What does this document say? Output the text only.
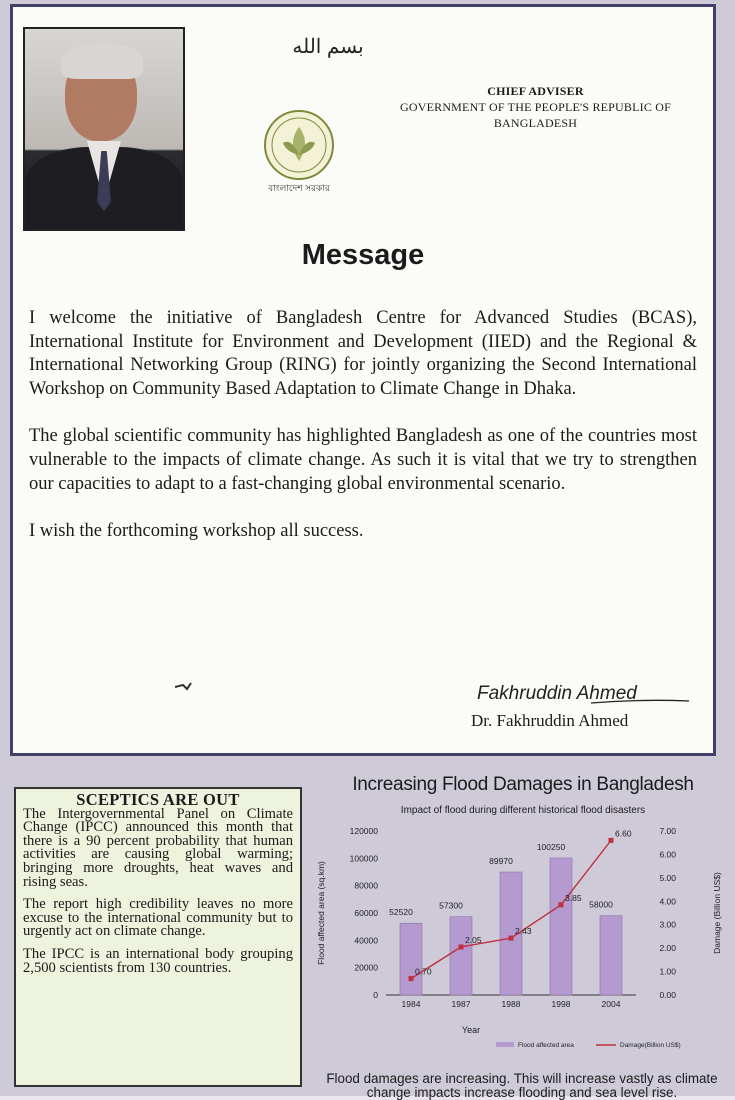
بسم الله
বাংলাদেশ সরকার
CHIEF ADVISER
GOVERNMENT OF THE PEOPLE'S REPUBLIC OF
BANGLADESH
Message

I welcome the initiative of Bangladesh Centre for Advanced Studies (BCAS), International Institute for Environment and Development (IIED) and the Regional & International Networking Group (RING) for jointly organizing the Second International Workshop on Community Based Adaptation to Climate Change in Dhaka.

The global scientific community has highlighted Bangladesh as one of the countries most vulnerable to the impacts of climate change. As such it is vital that we try to strengthen our capacities to adapt to a fast-changing global environmental scenario.

I wish the forthcoming workshop all success.

Fakhruddin Ahmed
Dr. Fakhruddin Ahmed
SCEPTICS ARE OUT

The Intergovernmental Panel on Climate Change (IPCC) announced this month that there is a 90 percent probability that human activities are causing global warming; bringing more droughts, heat waves and rising seas.

The report high credibility leaves no more excuse to the international community but to urgently act on climate change.

The IPCC is an international body grouping 2,500 scientists from 130 countries.

Increasing Flood Damages in Bangladesh
Impact of flood during different historical flood disasters
0
20000
40000
60000
80000
100000
120000
0.00
1.00
2.00
3.00
4.00
5.00
6.00
7.00
52520
1984
57300
1987
89970
1988
100250
1998
58000
2004
0.70
2.05
2.43
3.85
6.60
Flood affected area (sq.km)	Damage (Billion US$)
Year
Flood affected area	Damage(Billion US$)
Flood damages are increasing. This will increase vastly as climate change impacts increase flooding and sea level rise.
